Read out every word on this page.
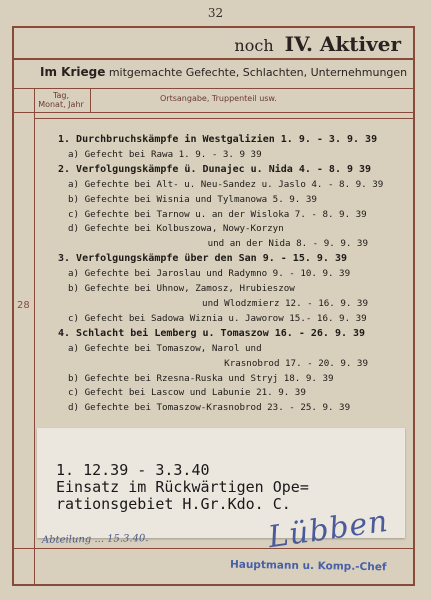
32
noch IV. Aktiver
Im Kriege mitgemachte Gefechte, Schlachten, Unternehmungen
Tag,
Monat, Jahr
Ortsangabe, Truppenteil usw.
28
1. Durchbruchskämpfe in Westgalizien 1. 9. - 3. 9. 39
a) Gefecht bei Rawa 1. 9. - 3. 9 39
2. Verfolgungskämpfe ü. Dunajec u. Nida 4. - 8. 9 39
a) Gefechte bei Alt- u. Neu-Sandez u. Jaslo 4. - 8. 9. 39
b) Gefechte bei Wisnia und Tylmanowa 5. 9. 39
c) Gefechte bei Tarnow u. an der Wisloka 7. - 8. 9. 39
d) Gefechte bei Kolbuszowa, Nowy-Korzyn
und an der Nida 8. - 9. 9. 39
3. Verfolgungskämpfe über den San 9. - 15. 9. 39
a) Gefechte bei Jaroslau und Radymno 9. - 10. 9. 39
b) Gefechte bei Uhnow, Zamosz, Hrubieszow
und Wlodzmierz 12. - 16. 9. 39
c) Gefecht bei Sadowa Wiznia u. Jaworow 15.- 16. 9. 39
4. Schlacht bei Lemberg u. Tomaszow 16. - 26. 9. 39
a) Gefechte bei Tomaszow, Narol und
Krasnobrod 17. - 20. 9. 39
b) Gefechte bei Rzesna-Ruska und Stryj 18. 9. 39
c) Gefecht bei Lascow und Labunie 21. 9. 39
d) Gefechte bei Tomaszow-Krasnobrod 23. - 25. 9. 39
1. 12.39 - 3.3.40
Einsatz im Rückwärtigen Ope=
rationsgebiet H.Gr.Kdo. C.
Abteilung ... 15.3.40.	Lübben
Hauptmann u. Komp.-Chef
